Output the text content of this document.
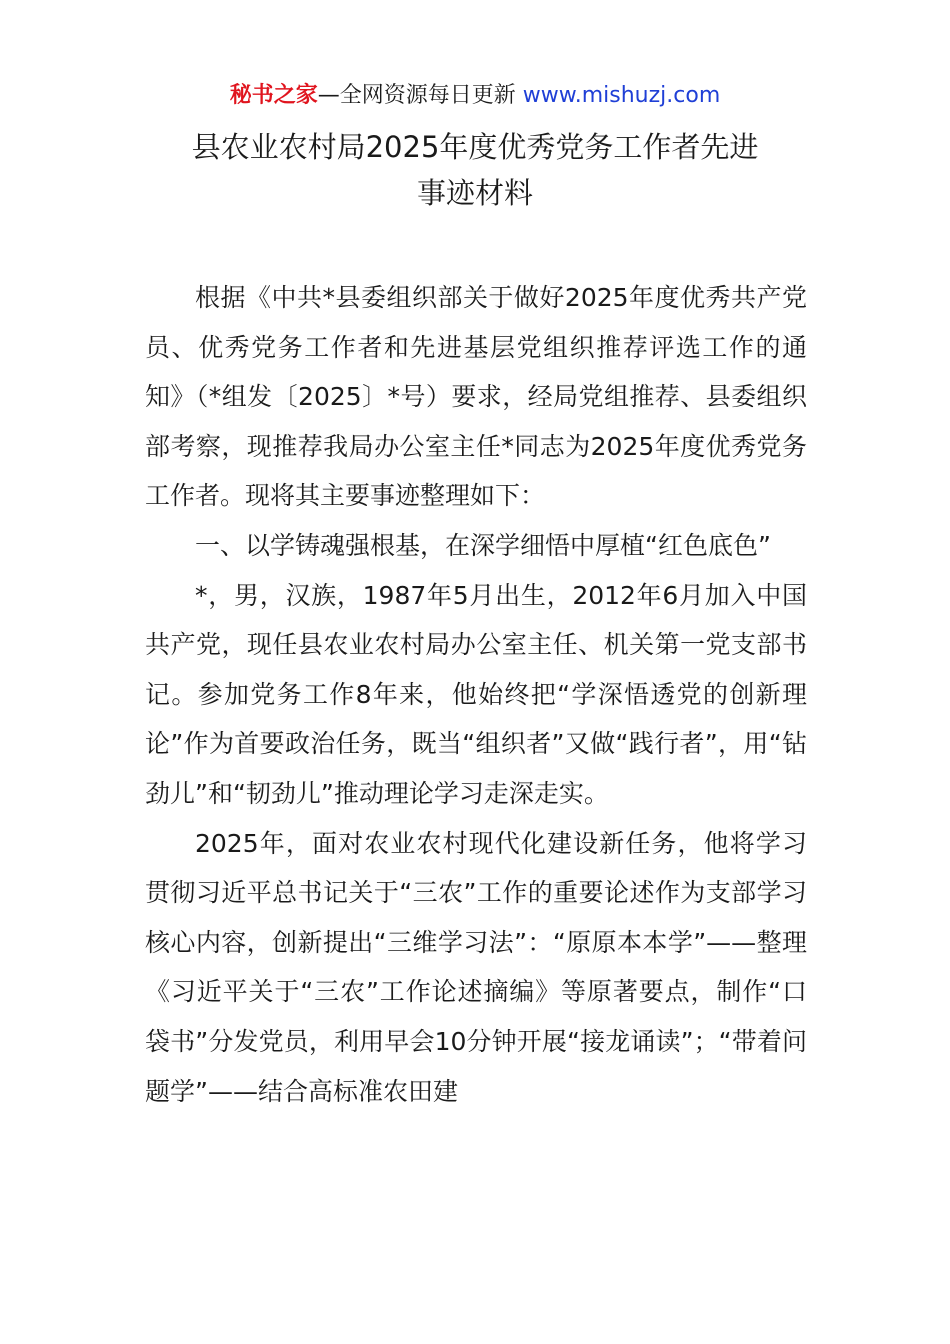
秘书之家—全网资源每日更新 www.mishuzj.com
县农业农村局2025年度优秀党务工作者先进
事迹材料

根据《中共*县委组织部关于做好2025年度优秀共产党员、优秀党务工作者和先进基层党组织推荐评选工作的通知》（*组发〔2025〕*号）要求，经局党组推荐、县委组织部考察，现推荐我局办公室主任*同志为2025年度优秀党务工作者。现将其主要事迹整理如下：

一、以学铸魂强根基，在深学细悟中厚植“红色底色”

*，男，汉族，1987年5月出生，2012年6月加入中国共产党，现任县农业农村局办公室主任、机关第一党支部书记。参加党务工作8年来，他始终把“学深悟透党的创新理论”作为首要政治任务，既当“组织者”又做“践行者”，用“钻劲儿”和“韧劲儿”推动理论学习走深走实。

2025年，面对农业农村现代化建设新任务，他将学习贯彻习近平总书记关于“三农”工作的重要论述作为支部学习核心内容，创新提出“三维学习法”：“原原本本学”——整理《习近平关于“三农”工作论述摘编》等原著要点，制作“口袋书”分发党员，利用早会10分钟开展“接龙诵读”；“带着问题学”——结合高标准农田建
